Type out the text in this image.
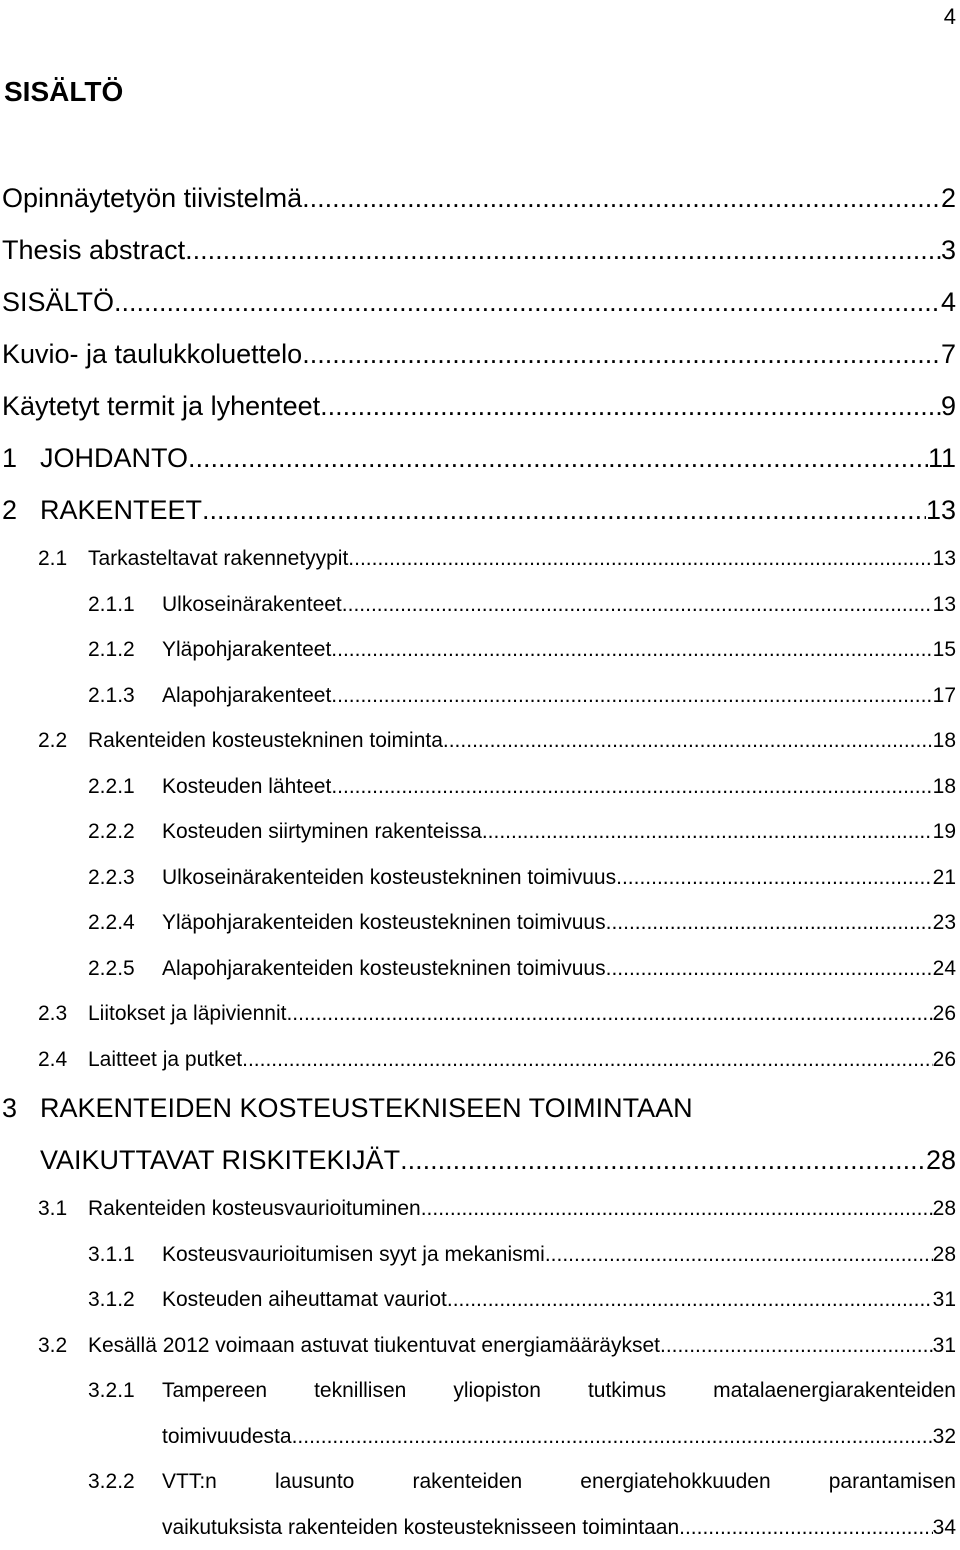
4
SISÄLTÖ
Opinnäytetyön tiivistelmä .....	2
Thesis abstract .....	3
SISÄLTÖ .....	4
Kuvio- ja taulukkoluettelo .....	7
Käytetyt termit ja lyhenteet .....	9
1 JOHDANTO .....	11
2 RAKENTEET .....	13
2.1 Tarkasteltavat rakennetyypit .....	13
2.1.1	Ulkoseinärakenteet .....	13
2.1.2	Yläpohjarakenteet .....	15
2.1.3	Alapohjarakenteet .....	17
2.2 Rakenteiden kosteustekninen toiminta .....	18
2.2.1	Kosteuden lähteet .....	18
2.2.2	Kosteuden siirtyminen rakenteissa .....	19
2.2.3	Ulkoseinärakenteiden kosteustekninen toimivuus .....	21
2.2.4	Yläpohjarakenteiden kosteustekninen toimivuus .....	23
2.2.5	Alapohjarakenteiden kosteustekninen toimivuus .....	24
2.3 Liitokset ja läpiviennit .....	26
2.4 Laitteet ja putket .....	26
3 RAKENTEIDEN KOSTEUSTEKNISEEN TOIMINTAAN
VAIKUTTAVAT RISKITEKIJÄT .....	28
3.1 Rakenteiden kosteusvaurioituminen .....	28
3.1.1	Kosteusvaurioitumisen syyt ja mekanismi .....	28
3.1.2	Kosteuden aiheuttamat vauriot .....	31
3.2 Kesällä 2012 voimaan astuvat tiukentuvat energiamääräykset .....	31
3.2.1	Tampereen teknillisen yliopiston tutkimus matalaenergiarakenteiden
toimivuudesta .....	32
3.2.2	VTT:n	lausunto	rakenteiden	energiatehokkuuden	parantamisen
vaikutuksista rakenteiden kosteusteknisseen toimintaan .....	34
